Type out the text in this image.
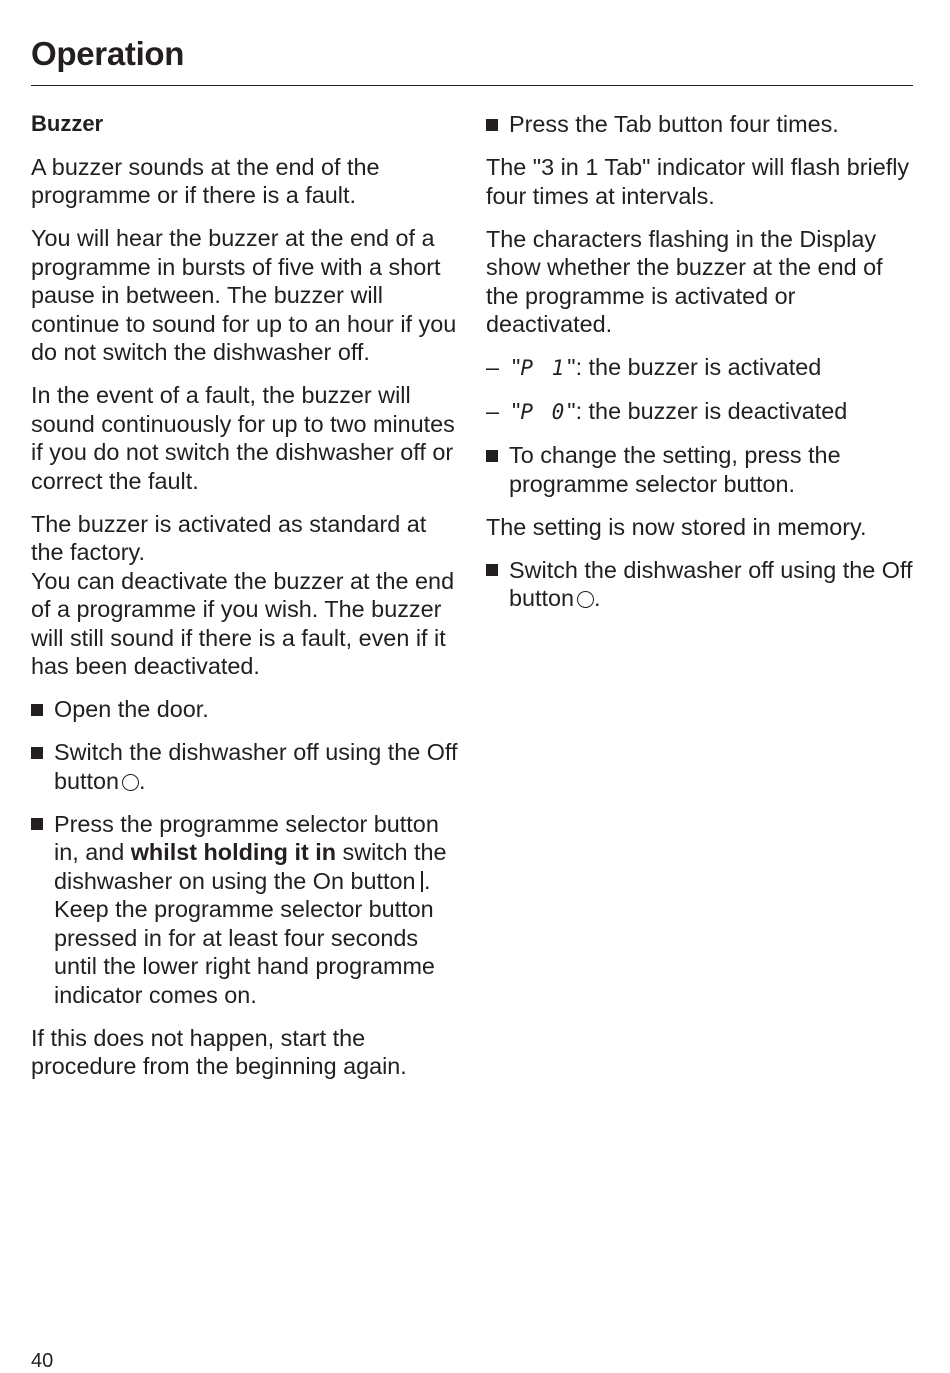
Operation
Buzzer
A buzzer sounds at the end of the programme or if there is a fault.
You will hear the buzzer at the end of a programme in bursts of five with a short pause in between. The buzzer will continue to sound for up to an hour if you do not switch the dishwasher off.
In the event of a fault, the buzzer will sound continuously for up to two minutes if you do not switch the dishwasher off or correct the fault.
The buzzer is activated as standard at the factory.
You can deactivate the buzzer at the end of a programme if you wish. The buzzer will still sound if there is a fault, even if it has been deactivated.
Open the door.
Switch the dishwasher off using the Off button .
Press the programme selector button in, and whilst holding it in switch the dishwasher on using the On button .
Keep the programme selector button pressed in for at least four seconds until the lower right hand programme indicator comes on.
If this does not happen, start the procedure from the beginning again.
Press the Tab button four times.
The "3 in 1 Tab" indicator will flash briefly four times at intervals.
The characters flashing in the Display show whether the buzzer at the end of the programme is activated or deactivated.
– "P 1": the buzzer is activated
– "P 0": the buzzer is deactivated
To change the setting, press the programme selector button.
The setting is now stored in memory.
Switch the dishwasher off using the Off button .
40
